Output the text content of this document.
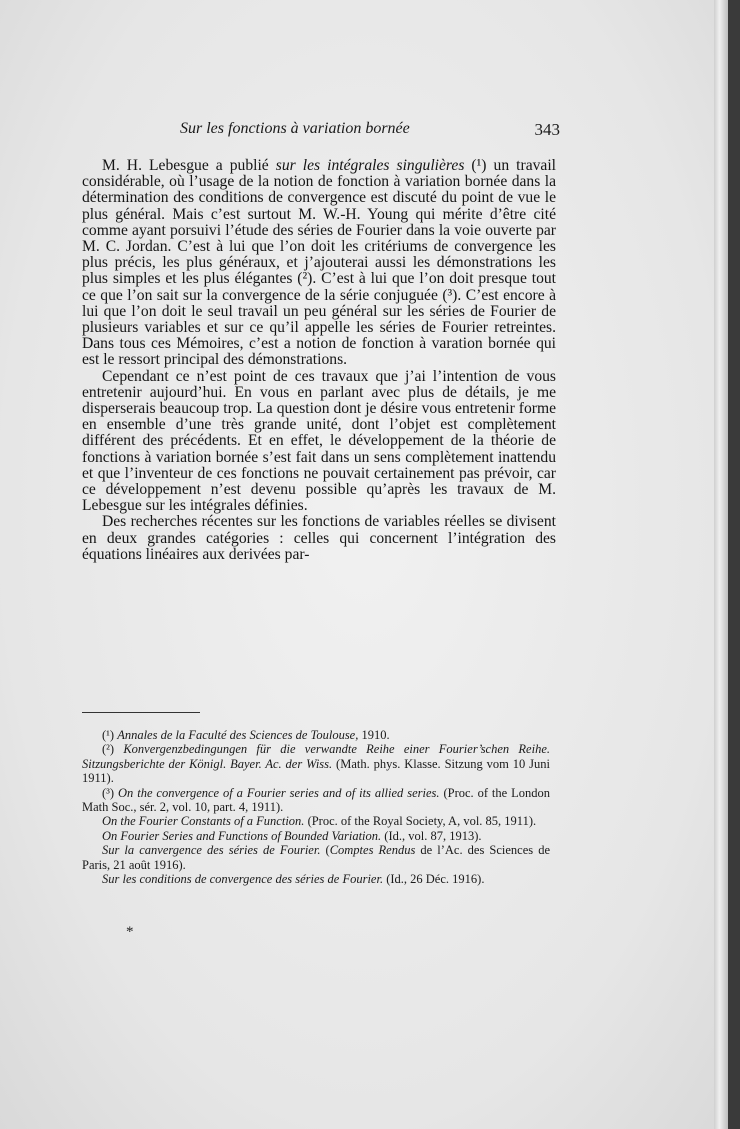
Sur les fonctions à variation bornée	343

M. H. Lebesgue a publié sur les intégrales singulières (¹) un travail considérable, où l’usage de la notion de fonction à variation bornée dans la détermination des conditions de convergence est discuté du point de vue le plus général. Mais c’est surtout M. W.-H. Young qui mérite d’être cité comme ayant porsuivi l’étude des séries de Fourier dans la voie ouverte par M. C. Jordan. C’est à lui que l’on doit les critériums de convergence les plus précis, les plus généraux, et j’ajouterai aussi les démonstrations les plus simples et les plus élégantes (²). C’est à lui que l’on doit presque tout ce que l’on sait sur la convergence de la série conjuguée (³). C’est encore à lui que l’on doit le seul travail un peu général sur les séries de Fourier de plusieurs variables et sur ce qu’il appelle les séries de Fourier retreintes. Dans tous ces Mémoires, c’est a notion de fonction à varation bornée qui est le ressort principal des démonstrations.

Cependant ce n’est point de ces travaux que j’ai l’intention de vous entretenir aujourd’hui. En vous en parlant avec plus de détails, je me disperserais beaucoup trop. La question dont je désire vous entretenir forme en ensemble d’une très grande unité, dont l’objet est complètement différent des précédents. Et en effet, le développement de la théorie de fonctions à variation bornée s’est fait dans un sens complètement inattendu et que l’inventeur de ces fonctions ne pouvait certainement pas prévoir, car ce développement n’est devenu possible qu’après les travaux de M. Lebesgue sur les intégrales définies.

Des recherches récentes sur les fonctions de variables réelles se divisent en deux grandes catégories : celles qui concernent l’intégration des équations linéaires aux derivées par-

(¹) Annales de la Faculté des Sciences de Toulouse, 1910.

(²) Konvergenzbedingungen für die verwandte Reihe einer Fourier’schen Reihe. Sitzungsberichte der Königl. Bayer. Ac. der Wiss. (Math. phys. Klasse. Sitzung vom 10 Juni 1911).

(³) On the convergence of a Fourier series and of its allied series. (Proc. of the London Math Soc., sér. 2, vol. 10, part. 4, 1911).

On the Fourier Constants of a Function. (Proc. of the Royal Society, A, vol. 85, 1911).

On Fourier Series and Functions of Bounded Variation. (Id., vol. 87, 1913).

Sur la canvergence des séries de Fourier. (Comptes Rendus de l’Ac. des Sciences de Paris, 21 août 1916).

Sur les conditions de convergence des séries de Fourier. (Id., 26 Déc. 1916).

*
